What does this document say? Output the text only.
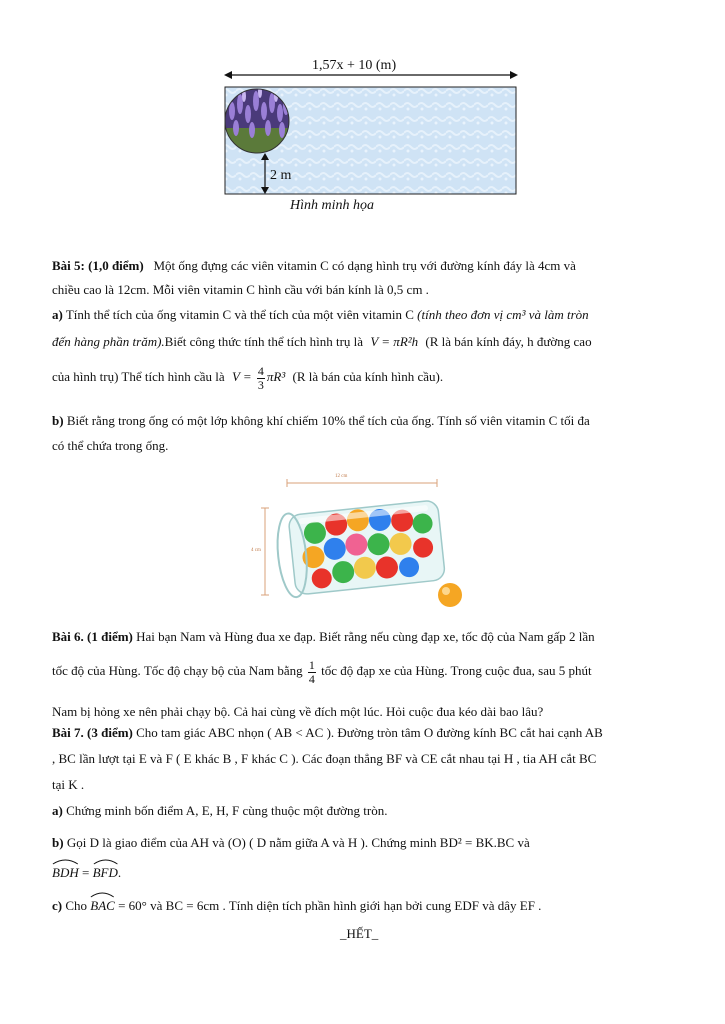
1,57x + 10 (m)
2 m
Hình minh họa
Bài 5: (1,0 điểm) Một ống đựng các viên vitamin C có dạng hình trụ với đường kính đáy là 4cm và
chiều cao là 12cm. Mỗi viên vitamin C hình cầu với bán kính là 0,5 cm .
a) Tính thể tích của ống vitamin C và thể tích của một viên vitamin C (tính theo đơn vị cm³ và làm tròn
đến hàng phần trăm).Biết công thức tính thể tích hình trụ là V = πR²h (R là bán kính đáy, h đường cao
của hình trụ) Thể tích hình cầu là $V = \frac{4}{3} \pi R^3$ (R là bán của kính hình cầu).
b) Biết rằng trong ống có một lớp không khí chiếm 10% thể tích của ống. Tính số viên vitamin C tối đa
có thể chứa trong ống.
12 cm
4 cm
Bài 6. (1 điểm) Hai bạn Nam và Hùng đua xe đạp. Biết rằng nếu cùng đạp xe, tốc độ của Nam gấp 2 lần
tốc độ của Hùng. Tốc độ chạy bộ của Nam bằng $\frac{1}{4}$ tốc độ đạp xe của Hùng. Trong cuộc đua, sau 5 phút
Nam bị hỏng xe nên phải chạy bộ. Cả hai cùng về đích một lúc. Hỏi cuộc đua kéo dài bao lâu?
Bài 7. (3 điểm) Cho tam giác ABC nhọn ( AB < AC ). Đường tròn tâm O đường kính BC cắt hai cạnh AB
, BC lần lượt tại E và F ( E khác B , F khác C ). Các đoạn thẳng BF và CE cắt nhau tại H , tia AH cắt BC
tại K .
a) Chứng minh bốn điểm A, E, H, F cùng thuộc một đường tròn.
b) Gọi D là giao điểm của AH và (O) ( D nằm giữa A và H ). Chứng minh BD² = BK.BC và
BDH = BFD.
c) Cho BAC = 60° và BC = 6cm . Tính diện tích phần hình giới hạn bởi cung EDF và dây EF .
_HẾT_
